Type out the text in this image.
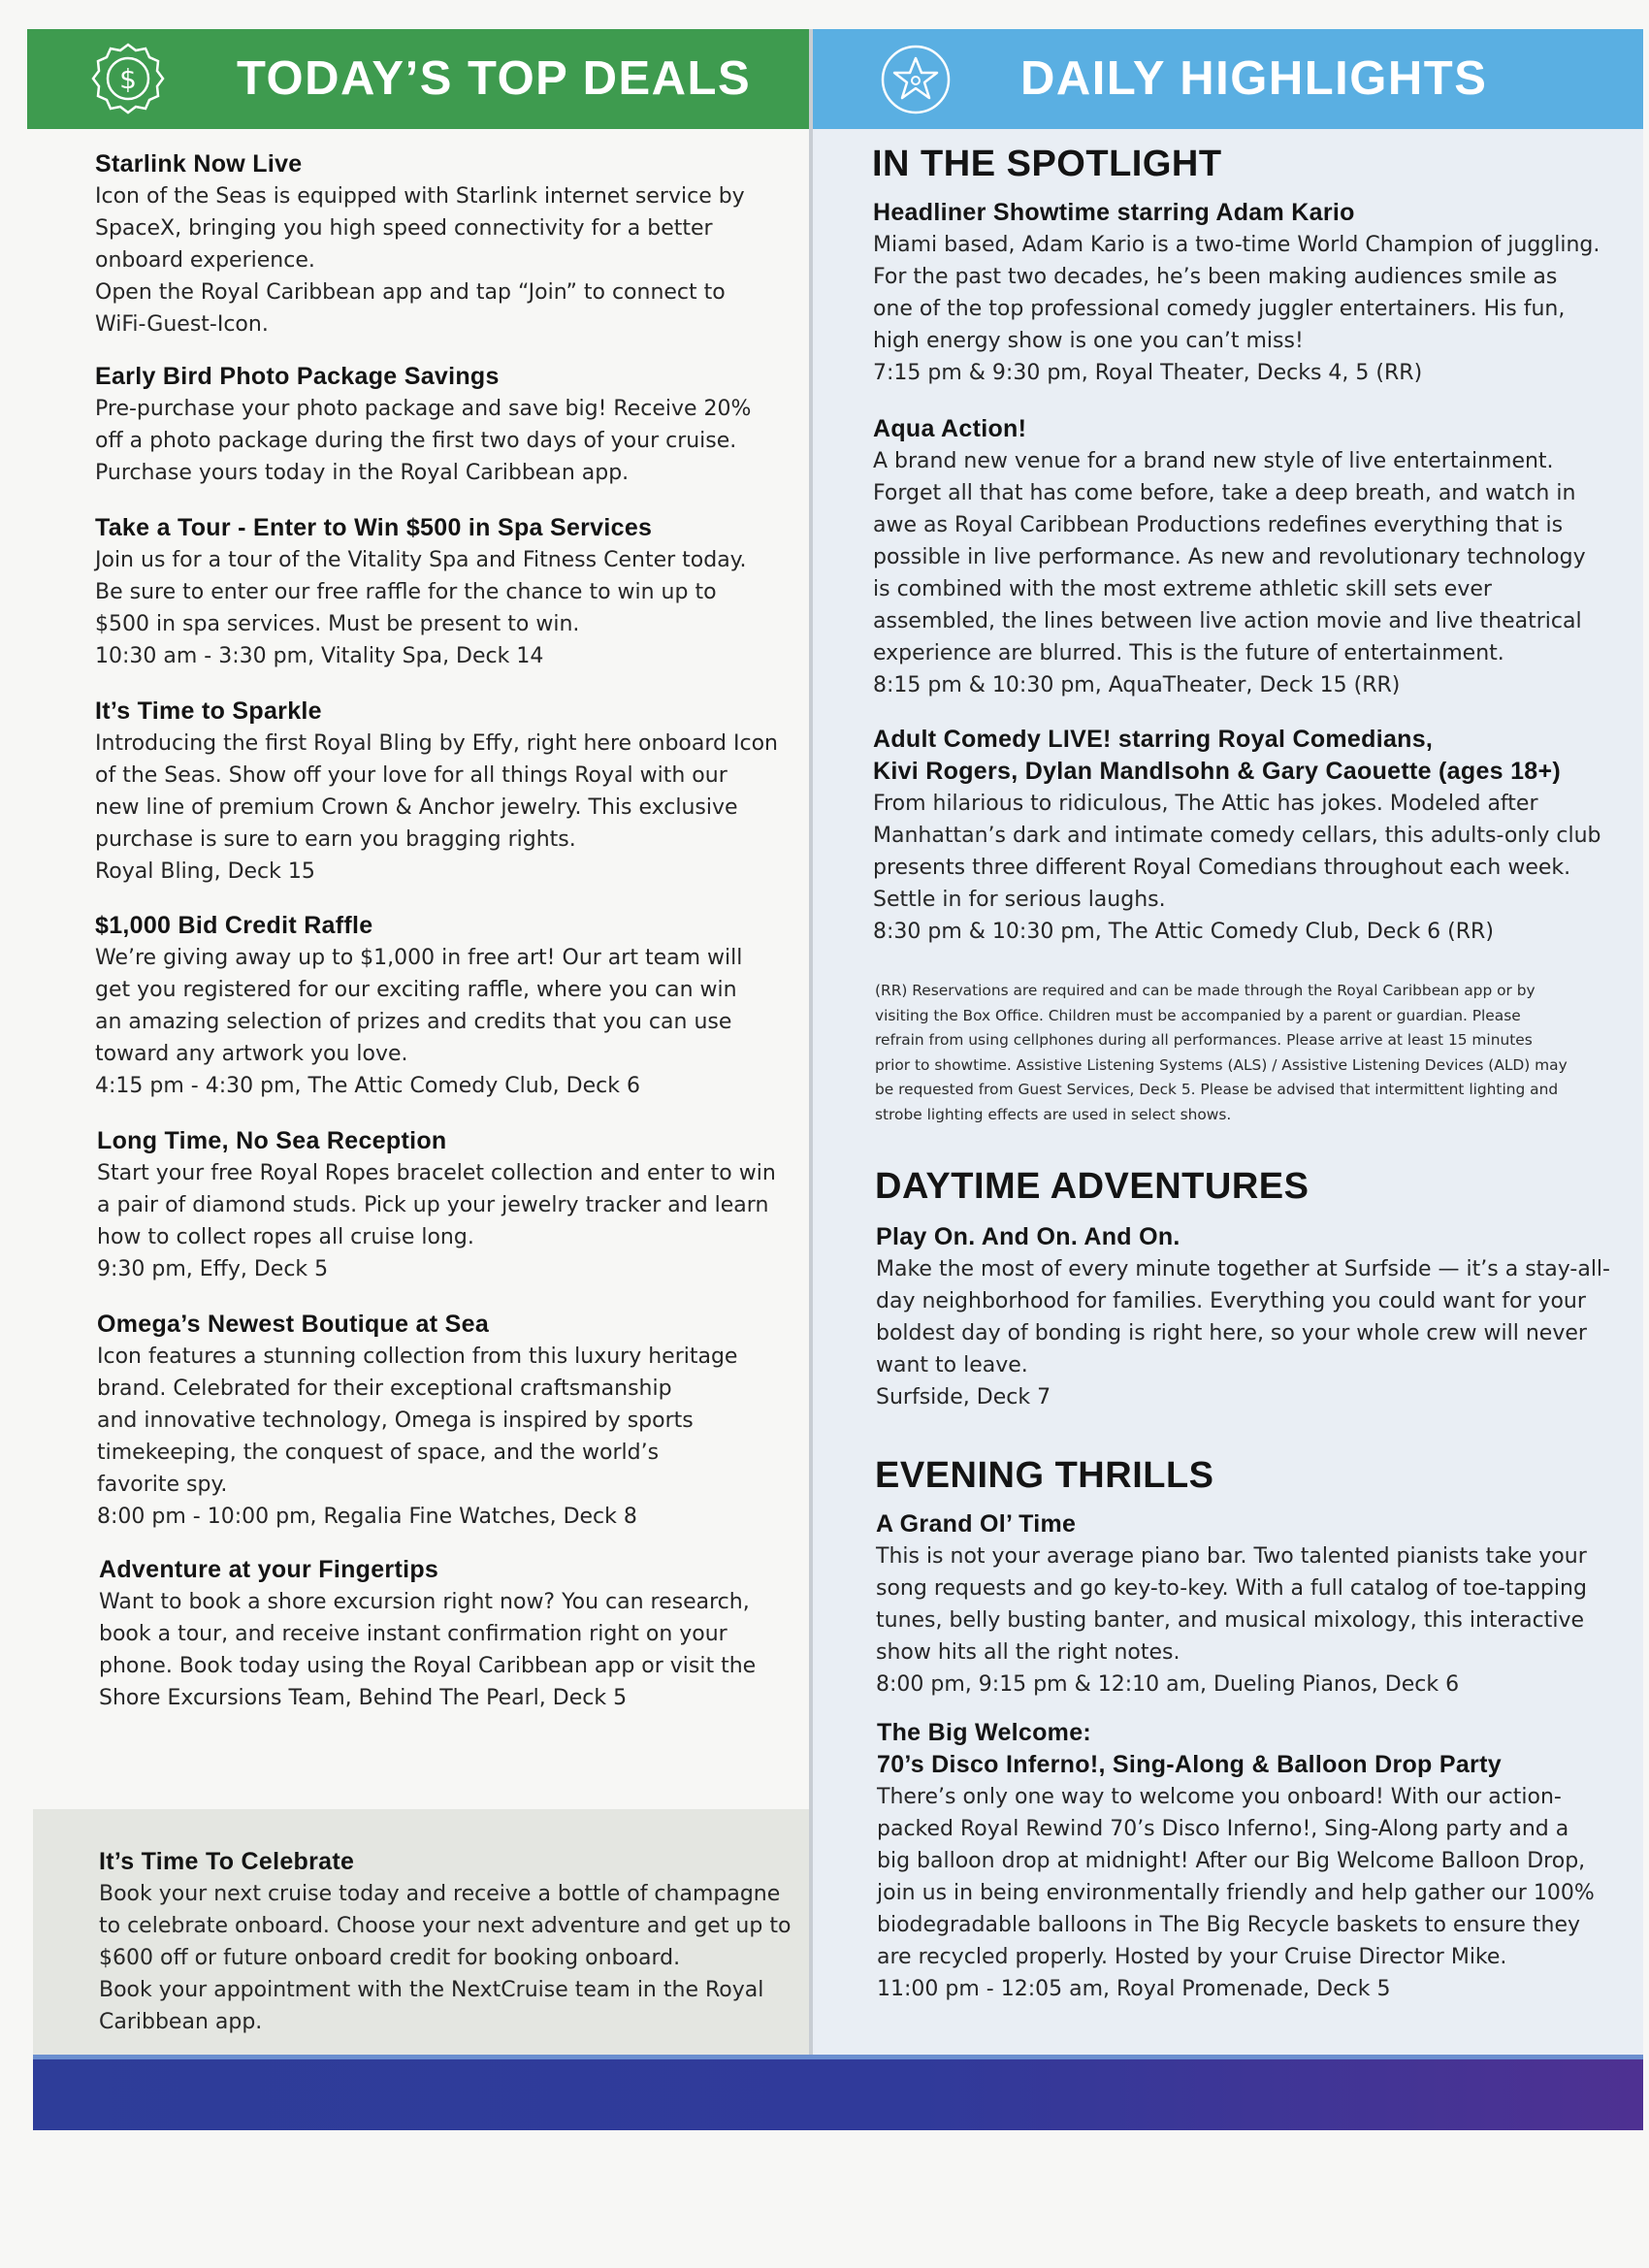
$ TODAY’S TOP DEALS	DAILY HIGHLIGHTS
Starlink Now Live

Icon of the Seas is equipped with Starlink internet service by

SpaceX, bringing you high speed connectivity for a better

onboard experience.

Open the Royal Caribbean app and tap “Join” to connect to

WiFi-Guest-Icon.

Early Bird Photo Package Savings

Pre-purchase your photo package and save big! Receive 20%

off a photo package during the first two days of your cruise.

Purchase yours today in the Royal Caribbean app.

Take a Tour - Enter to Win $500 in Spa Services

Join us for a tour of the Vitality Spa and Fitness Center today.

Be sure to enter our free raffle for the chance to win up to

$500 in spa services. Must be present to win.

10:30 am - 3:30 pm, Vitality Spa, Deck 14

It’s Time to Sparkle

Introducing the first Royal Bling by Effy, right here onboard Icon

of the Seas. Show off your love for all things Royal with our

new line of premium Crown & Anchor jewelry. This exclusive

purchase is sure to earn you bragging rights.

Royal Bling, Deck 15

$1,000 Bid Credit Raffle

We’re giving away up to $1,000 in free art! Our art team will

get you registered for our exciting raffle, where you can win

an amazing selection of prizes and credits that you can use

toward any artwork you love.

4:15 pm - 4:30 pm, The Attic Comedy Club, Deck 6

Long Time, No Sea Reception

Start your free Royal Ropes bracelet collection and enter to win

a pair of diamond studs. Pick up your jewelry tracker and learn

how to collect ropes all cruise long.

9:30 pm, Effy, Deck 5

Omega’s Newest Boutique at Sea

Icon features a stunning collection from this luxury heritage

brand. Celebrated for their exceptional craftsmanship

and innovative technology, Omega is inspired by sports

timekeeping, the conquest of space, and the world’s

favorite spy.

8:00 pm - 10:00 pm, Regalia Fine Watches, Deck 8

Adventure at your Fingertips

Want to book a shore excursion right now? You can research,

book a tour, and receive instant confirmation right on your

phone. Book today using the Royal Caribbean app or visit the

Shore Excursions Team, Behind The Pearl, Deck 5

It’s Time To Celebrate

Book your next cruise today and receive a bottle of champagne

to celebrate onboard. Choose your next adventure and get up to

$600 off or future onboard credit for booking onboard.

Book your appointment with the NextCruise team in the Royal

Caribbean app.

IN THE SPOTLIGHT
Headliner Showtime starring Adam Kario

Miami based, Adam Kario is a two-time World Champion of juggling.

For the past two decades, he’s been making audiences smile as

one of the top professional comedy juggler entertainers. His fun,

high energy show is one you can’t miss!

7:15 pm & 9:30 pm, Royal Theater, Decks 4, 5 (RR)

Aqua Action!

A brand new venue for a brand new style of live entertainment.

Forget all that has come before, take a deep breath, and watch in

awe as Royal Caribbean Productions redefines everything that is

possible in live performance. As new and revolutionary technology

is combined with the most extreme athletic skill sets ever

assembled, the lines between live action movie and live theatrical

experience are blurred. This is the future of entertainment.

8:15 pm & 10:30 pm, AquaTheater, Deck 15 (RR)

Adult Comedy LIVE! starring Royal Comedians,
Kivi Rogers, Dylan Mandlsohn & Gary Caouette (ages 18+)

From hilarious to ridiculous, The Attic has jokes. Modeled after

Manhattan’s dark and intimate comedy cellars, this adults-only club

presents three different Royal Comedians throughout each week.

Settle in for serious laughs.

8:30 pm & 10:30 pm, The Attic Comedy Club, Deck 6 (RR)

(RR) Reservations are required and can be made through the Royal Caribbean app or by

visiting the Box Office. Children must be accompanied by a parent or guardian. Please

refrain from using cellphones during all performances. Please arrive at least 15 minutes

prior to showtime. Assistive Listening Systems (ALS) / Assistive Listening Devices (ALD) may

be requested from Guest Services, Deck 5. Please be advised that intermittent lighting and

strobe lighting effects are used in select shows.

DAYTIME ADVENTURES
Play On. And On. And On.

Make the most of every minute together at Surfside — it’s a stay-all-

day neighborhood for families. Everything you could want for your

boldest day of bonding is right here, so your whole crew will never

want to leave.

Surfside, Deck 7

EVENING THRILLS
A Grand Ol’ Time

This is not your average piano bar. Two talented pianists take your

song requests and go key-to-key. With a full catalog of toe-tapping

tunes, belly busting banter, and musical mixology, this interactive

show hits all the right notes.

8:00 pm, 9:15 pm & 12:10 am, Dueling Pianos, Deck 6

The Big Welcome:
70’s Disco Inferno!, Sing-Along & Balloon Drop Party

There’s only one way to welcome you onboard! With our action-

packed Royal Rewind 70’s Disco Inferno!, Sing-Along party and a

big balloon drop at midnight! After our Big Welcome Balloon Drop,

join us in being environmentally friendly and help gather our 100%

biodegradable balloons in The Big Recycle baskets to ensure they

are recycled properly. Hosted by your Cruise Director Mike.

11:00 pm - 12:05 am, Royal Promenade, Deck 5
